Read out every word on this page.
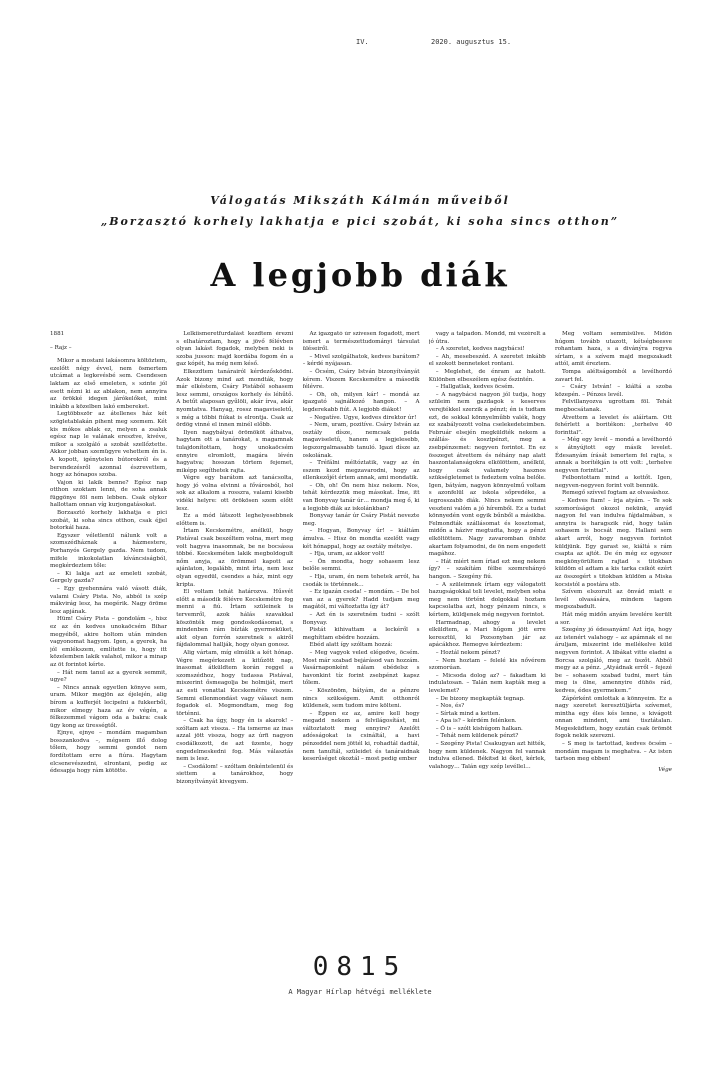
IV.	2020. augusztus 15.
Válogatás Mikszáth Kálmán műveiből
„Borzasztó korhely lakhatja e pici szobát, ki soha sincs otthon”
A legjobb diák

1881

– Rajz –

Mikor a mostani lakásomra költöztem, ezelőtt négy évvel, nem ösmertem utcámat a legkevésbé sem. Csendesen laktam az első emeleten, s szinte jól esett nézni ki az ablakon, nem annyira az örökké idegen járókelőket, mint inkább a közelben lakó embereket.

Legtöbbször az átellenes ház két szögletablakán pihent meg szemem. Két kis mókos ablak ez, melyen a zsaluk egész nap le valának eresztve, kivéve, mikor a szolgáló a szobát szellőztette. Akkor jobban szemügyre vehettem én is. A kopott, igénytelen bútorokról és a berendezésről azonnal észrevettem, hogy az hónapos szoba.

Vajon ki lakik benne? Egész nap otthon szoktam lenni, de soha annak függönye föl nem lebben. Csak olykor hallottam onnan víg kurjongatásokat.

Borzasztó korhely lakhatja e pici szobát, ki soha sincs otthon, csak éjjel botorkál haza.

Egyszer véletlenül nálunk volt a szomszédháznak a házmestere, Porhanyós Gergely gazda. Nem tudom, mifele inkokolatlan kíváncsiságból, megkérdeztem tőle:

– Ki lakja azt az emeleti szobát, Gergely gazda?

– Egy gyehennára való vásott diák, valami Csáry Pista. No, abból is szép mákvirág lesz, ha megérik. Nagy öröme lesz apjának.

Hüm! Csáry Pista – gondolám –, hisz ez az én kedves unokaöcsém Bihar megyéből, akire holtom után minden vagyonomat hagyom. Igen, a gyerek, ha jól emlékszem, említette is, hogy itt közelemben lakik valahol, mikor a minap az öt forintot kérte.

– Hát nem tanul az a gyerek semmit, ugye?

– Nincs annak egyetlen könyve sem, uram. Mikor megjön az éjelején, alig bírom a kufferjét lecipelni a fukkerből, mikor elmegy haza az év végén, a félkezemmel vágom oda a bakra: csak ügy kong az ürességtől.

Ejnye, ejnye – mondám magamban bosszankodva –, mégsem illő dolog tőlem, hogy semmi gondot nem fordítottam erre a fiúra. Hagytam elcsenevészedni, elrontani, pedig az édesapja hogy rám kötötte.

Lelkiismeretfurdalást kezdtem érezni s elhatároztam, hogy a jövő félévben olyan lakást fogadok, melyben neki is szoba jusson: majd kordába fogom én a gaz kópét, ha még nem késő.

Elkezdtem tanárairól kérdezősködni. Azok bizony mind azt mondták, hogy már elkéstem, Csáry Pistából sohasem lesz semmi, országos korhely és léhűtő. A betűt alaposan gyűlöli, akár írva, akár nyomtatva. Hanyag, rossz magaviseletű, s még a többi fiúkat is elrontja. Csak az ördög vinné el innen minél előbb.

Ilyen nagybátyai örömököt áthatva, hagytam ott a tanárokat, s magamnak tulajdonítottam, hogy unokaöcsém ennyire elromlott, magára lévén hagyatva; hosszan törtem fejemet, miképp segíthetek rajta.

Végre egy barátom azt tanácsolta, hogy jó volna elvinni a fővárosból, hol sok az alkalom a rosszra, valami kisebb vidéki helyre: ott örökösen szem előtt lesz.

Ez a mód látszott leghelyesebbnek előttem is.

Írtam Kecskemétre, anélkül, hogy Pistával csak beszéltem volna, mert meg volt hagyva inasomnak, be ne bocsássa többé. Kecskeméten lakik megboldogult nőm anyja, az örömmel kapott az ajánlaton, legalább, mint írta, nem lesz olyan egyedül, csendes a ház, mint egy kripta.

El voltam tehát határozva. Hűsvét előtt a második félévre Kecskemétre fog menni a fiú. Írtam szüleinek is tervemről, azok hálás szavakkal köszönték meg gondoskodásomat, s mindenben rám bízták gyermeküket, akit olyan forrón szeretnek s akiről fájdalommal hallják, hogy olyan gonosz.

Alig vártam, míg elmúlik a két hónap. Végre megérkezett a kitűzött nap, inasomat átküldtem korán reggel a szomszédhoz, hogy tudassa Pistával, miszerint ősmeagolja be holmiját, mert az esti vonattal Kecskemétre viszem. Semmi ellenmondást vagy választ nem fogadok el. Megmondtam, meg fog történni.

– Csak ha úgy, hogy én is akarok! – szóltam azt vissza. – Ha ismerne az inas azzal jött vissza, hogy az úrfi nagyon csodálkozott, de azt üzente, hogy engedelmeskedni fog. Más választás nem is lesz.

– Csodálom! – szóltam önkéntelenül és siettem a tanárokhoz, hogy bizonyítványát kivegyem.

Az igazgató úr szívesen fogadott, mert ismert a természettudományi társulat üléseiről.

– Mivel szolgálhatok, kedves barátom? – kérdé nyájasan.

– Öcsém, Csáry István bizonyítványát kérem. Viszem Kecskemétre a második félévre.

– Oh, oh, milyen kár! – mondá az igazgató sajnálkozó hangon. – A legderekabb fiút. A legjobb diákot!

– Negatíve. Ugye, kedves direktor úr!

– Nem, uram, pozitíve. Csáry István az osztály dísze, nemcsak pelda magaviseletű, hanem a legjelesebb, legszorgalmasabb tanuló. Igazi dísze az oskolának.

– Tréfálni méltóztatik, vagy az én eszem kezd megzavarodni, hogy az ellenkezőjét értem annak, ami mondatik.

– Oh, oh! Ön nem hisz nekem. Nos, tehát kérdezzük meg másokat. Íme, itt van Bonyvay tanár úr… mondja meg ő, ki a legjobb diák az iskolánkban?

Bonyvay tanár úr Csáry Pistát nevezte meg.

– Hogyan, Bonyvay úr! – kiáltám ámulva. – Hisz ön mondta ezelőtt vagy két hónappal, hogy az osztály mételye.

– Hja, uram, az akkor volt!

– Ön mondta, hogy sohasem lesz belőle semmi.

– Hja, uram, én nem tehetek arról, ha csodák is történnek…

– Ez igazán csoda! – mondám. – De hol van az a gyerek? Hadd tudjam meg magától, mi változtatta így át?

– Azt én is szeretném tudni – szólt Bonyvay.

Pistát kihivattam a leckéről s meghíttam ebédre hozzám.

Ebéd alatt így szóltam hozzá:

– Meg vagyok veled elégedve, öcsém. Most már szabad bejárásod van hozzám. Vasárnaponként nálam ebédelsz s havonkint tíz forint zsebpénzt kapsz tőlem.

– Köszönöm, bátyám, de a pénzre nincs szükségem. Amit otthonról küldenek, sem tudom mire költeni.

– Éppen ez az, amire kell hogy megadd nekem a felvilágosítást, mi változtatott meg ennyire? Azelőtt adósságokat is csináltál, a havi pénzeddel nem jöttél ki, rohadtál dadtál, nem tanultál, szüleidet és tanáraidnak keserűséget okoztál – most pedig ember

vagy a talpadon. Mondd, mi vezérelt a jó útra.

– A szeretet, kedves nagybácsi!

– Ah, mesebeszéd. A szeretet inkább el szokott benneteket rontani.

– Meglehet, de énram az hatott. Különben elbeszélem egész őszintén.

– Hallgatlak, kedves öcsém.

– A nagybácsi nagyon jól tudja, hogy szüleim nem gazdagok s keserves verejtékkel szerzik a pénzt; én is tudtam ezt, de sokkal könnyelműbb valék, hogy ez szabályozott volna cselekedeteimben. Február elsején megküldték nekem a szállás- és kosztpénzt, meg a zsebpénzemet: negyven forintot. En ez összeget átvettem és néhány nap alatt haszontalanságokra elkölöttem, anélkül, hogy csak valamely hasznos szükségletemet is fedeztem volna belőle. Igen, bátyám, nagyon könnyelmű voltam s azonfelül az iskola sőpredéke, a legrosszabb diák. Nincs nekem semmi veszteni valóm a jó híremből. Ez a tudat könnyedén vont egyik bűnből a másikba. Felmondták szállásomat és kosztomat, midőn a házivr megtudta, hogy a pénzt elköltöttem. Nagy zavaromban önhöz akartam folyamodni, de ön nem engedett magához.

– Hát miért nem írtad ezt meg nekem így? – szakítám félbe szemrehányó hangon. – Szegény fiú.

– A szüleimnek írtam egy válogatott hazugságokkal teli levelet, melyben soha meg nem történt dolgokkal hoztam kapcsolatba azt, hogy pénzem nincs, s kértem, küldjenek még negyven forintot.

Harmadnap, ahogy a levelet elküldtem, a Mari hűgom jött erre keresztül, ki Pozsonyban jár az apácákhoz. Remegve kérdeztem:

– Hoztál nekem pénzt?

– Nem hoztam – felelé kis nővérem szomorúan.

– Micsoda dolog az? – fakadtam ki indulatosan. – Talán nem kapták meg a levelemet?

– De bizony megkapták tegnap.

– Nos, és?

– Sírtak mind a ketten.

– Apa is? – kérdém felénken.

– Ő is – szólt kishúgom halkan.

– Tehát nem küldenek pénzt?

– Szegény Pista! Csakugyan azt hitték, hogy nem küldenek. Nagyon fel vannak indulva ellened. Békitsd ki őket, kérlek, valahogy… Talán egy szép levéllel…

Meg voltam semmisülve. Midőn húgom tovább utazott, kétségbeesve rohantam haza, s a divánýra rogyva sírtam, s a szívem majd megszakadt attól, amit éreztem.

Tompa aléltságomból a levélhordó zavart fel.

– Csáry István! – kiáltá a szoba közepén. – Pénzes levél.

Felvillanyozva ugrottam föl. Tehát megbocsátanak.

Átvettem a levelet és aláírtam. Ott fehérlett a boritékon: „terhelve 40 forinttal”.

– Még egy levél – mondá a levélhordó s átnyújtott egy másik levelet. Édesanyám írását ismertem fel rajta, s annak a borítékján is ott volt: „terhelve negyven forinttal”.

Felbontottam mind a kettőt. Igen, negyven-negyven forint volt bennük.

Remegő szívvel fogtam az olvasáshoz.

– Kedves fiam! – írja atyám. – Te sok szomorúságot okozol nekünk, anyád nagyon fel van indulva fájdalmában, s annyira is haragszik rád, hogy talán sohasem is bocsát meg. Hallani sem akart arról, hogy negyven forintot küldjünk. Egy garast se, kiáltá s rám csapta az ajtót. De én még ez egyszer megkönyörültem rajtad s titokban küldöm el adtam a kis tarka csikót ezért az összegért s titokban küldöm a Miska kocsistól a postára stb.

Szívem elszorult az önvád miatt e levél olvasására, mindem tagom megszabadult.

Hát még midőn anyám levelére került a sor.

Szegény jó édesanyám! Azt írja, hogy az istenért valahogy – az apámnak el ne áruljam, miszerint ide mellékelve küld negyven forintot. A libákat vitte eladni a Borcsa szolgáló, meg az üszőt. Abból megy az a pénz. „Atyádnak erről – fejezé be – sohasem szabad tudni, mert tán meg is ölne, amennyire dühös rád, kedves, édes gyermekem.”

Zápórként omlottak a könnyeim. Ez a nagy szeretet keresztüljárta szívemet, mintha egy éles kés lenne, s kivágott onnan mindent, ami tisztátalan. Megesküdtem, hogy ezután csak örömöt fogok nekik szerezni.

– S meg is tartottad, kedves öcsém – mondám magam is meghatva. – Az isten tartson meg ebben!

Vége

0815
A Magyar Hírlap hétvégi melléklete
